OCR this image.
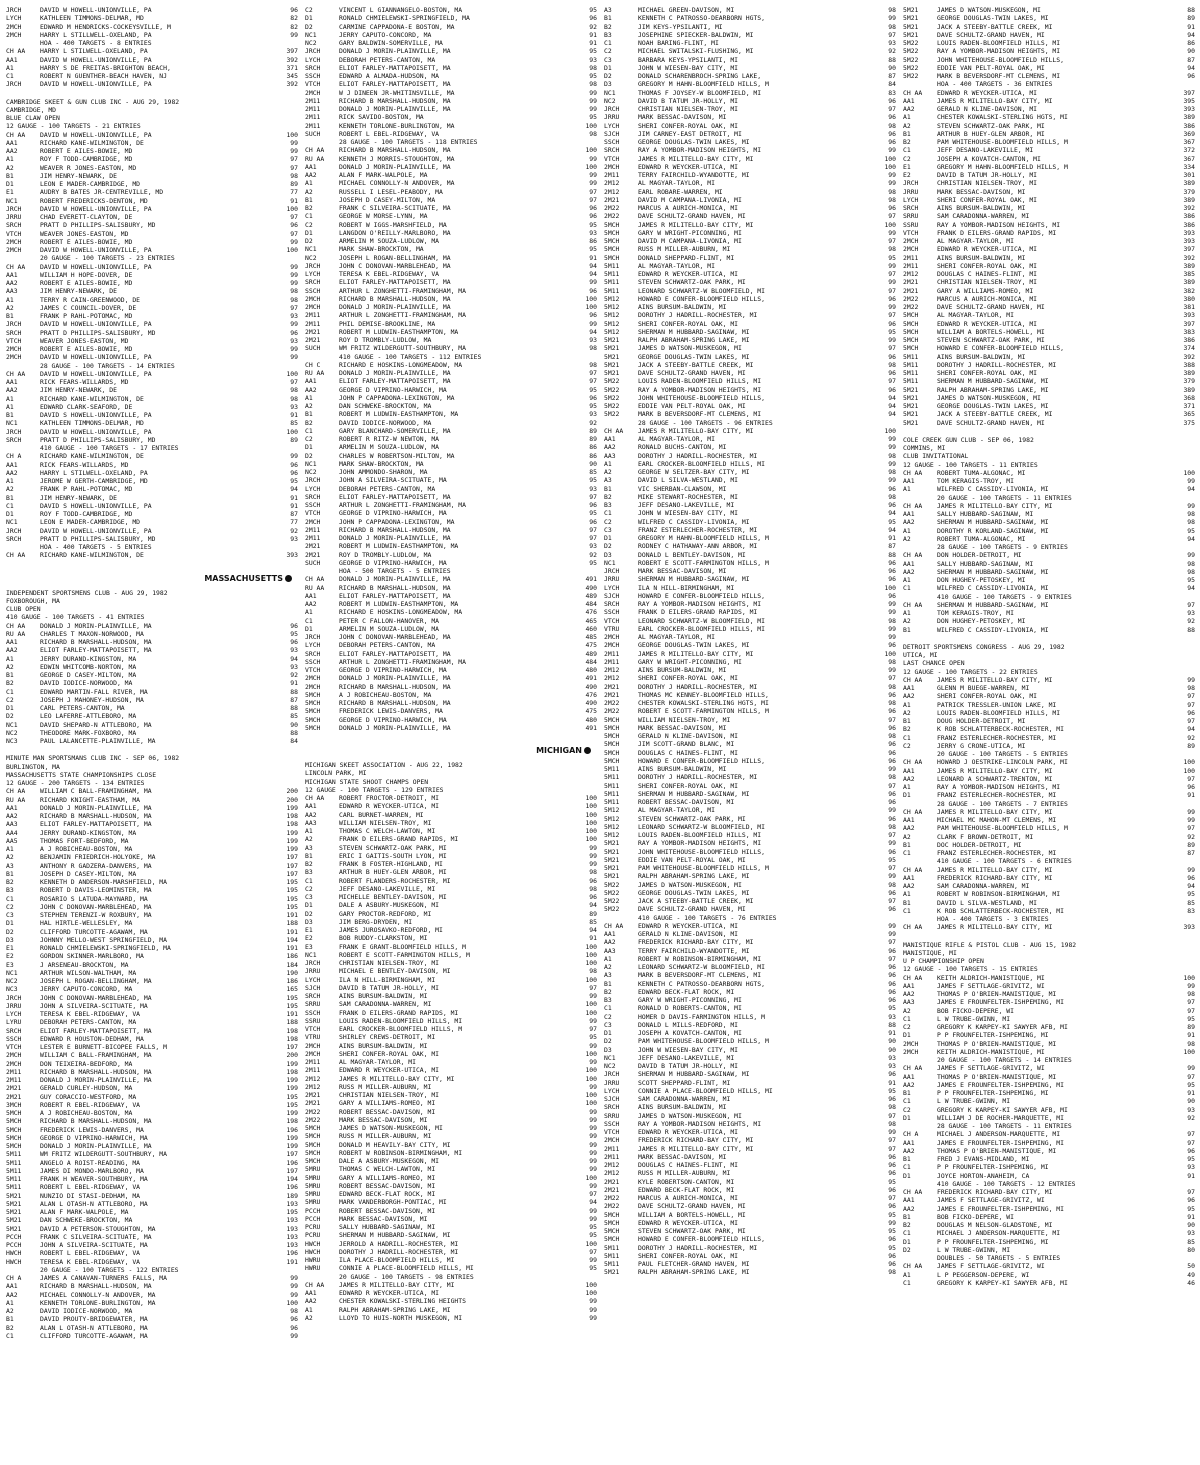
JRCH	DAVID W HOWELL-UNIONVILLE, PA	96
LYCH	KATHLEEN TIMMONS-DELMAR, MD	82
2MCH	EDWARD M HENDRICKS-COCKEYSVILLE, M	82
2MCH	HARRY L STILLWELL-OXELAND, PA	99
HOA - 400 TARGETS - 8 ENTRIES
CH AA	HARRY L STILWELL-OXELAND, PA	397
AA1	DAVID W HOWELL-UNIONVILLE, PA	392
A1	HARRY S DE FREITAS-BRIGHTON BEACH,	371
C1	ROBERT N GUENTHER-BEACH HAVEN, NJ	345
JRCH	DAVID W HOWELL-UNIONVILLE, PA	392
CAMBRIDGE SKEET & GUN CLUB INC - AUG 29, 1982
CAMBRIDGE, MD
BLUE CLAW OPEN
12 GAUGE - 100 TARGETS - 21 ENTRIES
CH AA	DAVID W HOWELL-UNIONVILLE, PA	100
AA1	RICHARD KANE-WILMINGTON, DE	99
AA2	ROBERT E AILES-BOWIE, MD	99
A1	ROY F TODD-CAMBRIDGE, MD	97
A2	WEAVER R JONES-EASTON, MD	97
B1	JIM HENRY-NEWARK, DE	98
D1	LEON E MADER-CAMBRIDGE, MD	89
E1	AUDRY B BATES JR-CENTREVILLE, MD	77
NC1	ROBERT FREDERICKS-DENTON, MD	91
JRCH	DAVID W HOWELL-UNIONVILLE, PA	100
JRRU	CHAD EVERETT-CLAYTON, DE	97
SRCH	PRATT D PHILLIPS-SALISBURY, MD	96
VTCH	WEAVER JONES-EASTON, MD	97
2MCH	ROBERT E AILES-BOWIE, MD	99
2MCH	DAVID W HOWELL-UNIONVILLE, PA	100
20 GAUGE - 100 TARGETS - 23 ENTRIES
CH AA	DAVID W HOWELL-UNIONVILLE, PA	99
AA1	WILLIAM H HOPE-DOVER, DE	99
AA2	ROBERT E AILES-BOWIE, MD	99
AA3	JIM HENRY-NEWARK, DE	98
A1	TERRY R CAIN-GREENWOOD, DE	98
A2	JAMES C COUNCIL-DOVER, DE	97
B1	FRANK P RAHL-POTOMAC, MD	93
JRCH	DAVID W HOWELL-UNIONVILLE, PA	99
SRCH	PRATT D PHILLIPS-SALISBURY, MD	96
VTCH	WEAVER JONES-EASTON, MD	93
2MCH	ROBERT E AILES-BOWIE, MD	99
2MCH	DAVID W HOWELL-UNIONVILLE, PA	99
28 GAUGE - 100 TARGETS - 14 ENTRIES
CH AA	DAVID W HOWELL-UNIONVILLE, PA	100
AA1	RICK FEARS-WILLARDS, MD	97
AA2	JIM HENRY-NEWARK, DE	98
A1	RICHARD KANE-WILMINGTON, DE	98
A1	EDWARD CLARK-SEAFORD, DE	93
B1	DAVID S HOWELL-UNIONVILLE, PA	91
NC1	KATHLEEN TIMMONS-DELMAR, MD	85
JRCH	DAVID W HOWELL-UNIONVILLE, PA	100
SRCH	PRATT D PHILLIPS-SALISBURY, MD	89
410 GAUGE - 100 TARGETS - 17 ENTRIES
CH A	RICHARD KANE-WILMINGTON, DE	99
AA1	RICK FEARS-WILLARDS, MD	96
AA2	HARRY L STILWELL-OXELAND, PA	96
A1	JEROME W GERTH-CAMBRIDGE, MD	95
A2	FRANK P RAHL-POTOMAC, MD	94
B1	JIM HENRY-NEWARK, DE	91
C1	DAVID S HOWELL-UNIONVILLE, PA	91
D1	ROY F TODD-CAMBRIDGE, MD	87
NC1	LEON E MADER-CAMBRIDGE, MD	77
JRCH	DAVID W HOWELL-UNIONVILLE, PA	92
SRCH	PRATT D PHILLIPS-SALISBURY, MD	93
HOA - 400 TARGETS - 5 ENTRIES
CH AA	RICHARD KANE-WILMINGTON, DE	393
MASSACHUSETTS
INDEPENDENT SPORTSMENS CLUB - AUG 29, 1982
FOXBOROUGH, MA
CLUB OPEN
410 GAUGE - 100 TARGETS - 41 ENTRIES
CH AA	DONALD J MORIN-PLAINVILLE, MA	96
RU AA	CHARLES T MAXON-NORWOOD, MA	95
AA1	RICHARD B MARSHALL-HUDSON, MA	96
AA2	ELIOT FARLEY-MATTAPOISETT, MA	93
A1	JERRY DURAND-KINGSTON, MA	94
A2	EDWIN WHITCOMB-NORTON, MA	93
B1	GEORGE D CASEY-MILTON, MA	92
B2	DAVID IODICE-NORWOOD, MA	91
C1	EDWARD MARTIN-FALL RIVER, MA	88
C2	JOSEPH J MAHONEY-HUDSON, MA	87
D1	CARL PETERS-CANTON, MA	88
D2	LEO LAFERRE-ATTLEBORO, MA	85
NC1	DAVID SHEPARD-N ATTLEBORO, MA	90
NC2	THEODORE MARK-FOXBORO, MA	88
NC3	PAUL LALANCETTE-PLAINVILLE, MA	84
MINUTE MAN SPORTSMANS CLUB INC - SEP 06, 1982
BURLINGTON, MA
MASSACHUSETTS STATE CHAMPIONSHIPS CLOSE
12 GAUGE - 200 TARGETS - 134 ENTRIES
CH AA	WILLIAM C BALL-FRAMINGHAM, MA	200
RU AA	RICHARD KNIGHT-EASTHAM, MA	200
AA1	DONALD J MORIN-PLAINVILLE, MA	199
AA2	RICHARD B MARSHALL-HUDSON, MA	198
AA3	ELIOT FARLEY-MATTAPOISETT, MA	198
AA4	JERRY DURAND-KINGSTON, MA	199
AA5	THOMAS FORT-BEDFORD, MA	199
A1	A J ROBICHEAU-BOSTON, MA	199
A2	BENJAMIN FRIEDRICH-HOLYOKE, MA	197
A3	ANTHONY R GADZERA-DANVERS, MA	197
B1	JOSEPH D CASEY-MILTON, MA	197
B2	KENNETH D ANDERSON-MARSHFIELD, MA	195
B3	ROBERT D DAVIS-LEOMINSTER, MA	195
C1	ROSARIO S LATUDA-MAYNARD, MA	195
C2	JOHN C DONOVAN-MARBLEHEAD, MA	195
C3	STEPHEN TERENZI-W ROXBURY, MA	191
D1	HAL HIRTLE-WELLESLEY, MA	188
D2	CLIFFORD TURCOTTE-AGAWAM, MA	191
D3	JOHNNY MELLO-WEST SPRINGFIELD, MA	194
E1	RONALD CHMIELEWSKI-SPRINGFIELD, MA	191
E2	GORDON SKINNER-MARLBORO, MA	186
E3	J ARSENEAU-BROCKTON, MA	184
NC1	ARTHUR WILSON-WALTHAM, MA	190
NC2	JOSEPH L ROGAN-BELLINGHAM, MA	186
NC3	JERRY CAPUTO-CONCORD, MA	165
JRCH	JOHN C DONOVAN-MARBLEHEAD, MA	195
JRRU	JOHN A SILVEIRA-SCITUATE, MA	195
LYCH	TERESA K EBEL-RIDGEWAY, VA	191
LYRU	DEBORAH PETERS-CANTON, MA	188
SRCH	ELIOT FARLEY-MATTAPOISETT, MA	198
SSCH	EDWARD R HOUSTON-DEDHAM, MA	198
VTCH	LESTER E BURNETT-BICOPEE FALLS, M	197
2MCH	WILLIAM C BALL-FRAMINGHAM, MA	200
2MCH	DON TEIXEIRA-BEDFORD, MA	199
2M11	RICHARD B MARSHALL-HUDSON, MA	198
2M11	DONALD J MORIN-PLAINVILLE, MA	199
2M21	GERALD CURLEY-HUDSON, MA	199
2M21	GUY CORACCIO-WESTFORD, MA	195
3MCH	ROBERT R EBEL-RIDGEWAY, VA	195
5MCH	A J ROBICHEAU-BOSTON, MA	199
5MCH	RICHARD B MARSHALL-HUDSON, MA	198
5MCH	FREDERICK LEWIS-DANVERS, MA	196
5MCH	GEORGE D VIPRINO-HARWICH, MA	199
5MCH	DONALD J MORIN-PLAINVILLE, MA	199
5M11	WM FRITZ WILDERGUTT-SOUTHBURY, MA	197
5M11	ANGELO A ROIST-READING, MA	196
5M11	JAMES DI MONDO-MARLBORO, MA	197
5M11	FRANK H WEAVER-SOUTHBURY, MA	194
5M11	ROBERT L EBEL-RIDGEWAY, VA	196
5M21	NUNZIO DI STASI-DEDHAM, MA	189
5M21	ALAN L OTASH-N ATTLEBORO, MA	193
5M21	ALAN F MARK-WALPOLE, MA	195
5M21	DAN SCHWEKE-BROCKTON, MA	193
5M21	DAVID A PETERSON-STOUGHTON, MA	193
PCCH	FRANK C SILVEIRA-SCITUATE, MA	193
PCCH	JOHN A SILVEIRA-SCITUATE, MA	193
HWCH	ROBERT L EBEL-RIDGEWAY, VA	196
HWCH	TERESA K EBEL-RIDGEWAY, VA	191
20 GAUGE - 100 TARGETS - 122 ENTRIES
CH A	JAMES A CANAVAN-TURNERS FALLS, MA	99
AA1	RICHARD B MARSHALL-HUDSON, MA	99
AA2	MICHAEL CONNOLLY-N ANDOVER, MA	99
A1	KENNETH TORLONE-BURLINGTON, MA	100
A2	DAVID IODICE-NORWOOD, MA	98
B1	DAVID PROUTY-BRIDGEWATER, MA	96
B2	ALAN L OTASH-N ATTLEBORO, MA	96
C1	CLIFFORD TURCOTTE-AGAWAM, MA	99
C2	VINCENT L GIANNANGELO-BOSTON, MA	95
D1	RONALD CHMIELEWSKI-SPRINGFIELD, MA	96
D2	CARMINE CAPPADONA-E BOSTON, MA	92
NC1	JERRY CAPUTO-CONCORD, MA	91
NC2	GARY BALDWIN-SOMERVILLE, MA	91
JRCH	DONALD J MORIN-PLAINVILLE, MA	95
LYCH	DEBORAH PETERS-CANTON, MA	93
SRCH	ELIOT FARLEY-MATTAPOISETT, MA	98
SSCH	EDWARD A ALMADA-HUDSON, MA	95
VTCH	ELIOT FARLEY-MATTAPOISETT, MA	98
2MCH	W J DINEEN JR-WHITINSVILLE, MA	99
2M11	RICHARD B MARSHALL-HUDSON, MA	99
2M11	DONALD J MORIN-PLAINVILLE, MA	99
2M11	RICK SAVIDO-BOSTON, MA	95
2M11	KENNETH TORLONE-BURLINGTON, MA	100
SUCH	ROBERT L EBEL-RIDGEWAY, VA	98
28 GAUGE - 100 TARGETS - 118 ENTRIES
CH AA	RICHARD B MARSHALL-HUDSON, MA	100
RU AA	KENNETH J MORRIS-STOUGHTON, MA	99
AA1	DONALD J MORIN-PLAINVILLE, MA	100
AA2	ALAN F MARK-WALPOLE, MA	99
A1	MICHAEL CONNOLLY-N ANDOVER, MA	99
A2	RUSSELL I LESEL-PEABODY, MA	97
B1	JOSEPH D CASEY-MILTON, MA	97
B2	FRANK C SILVEIRA-SCITUATE, MA	96
C1	GEORGE W MORSE-LYNN, MA	96
C2	ROBERT W IGGS-MARSHFIELD, MA	95
D1	LANGDON O'REILLY-MARLBORO, MA	93
D2	ARMELIN M SOUZA-LUDLOW, MA	86
NC1	MARK SHAW-BROCKTON, MA	95
NC2	JOSEPH L ROGAN-BELLINGHAM, MA	91
JRCH	JOHN C DONOVAN-MARBLEHEAD, MA	94
LYCH	TERESA K EBEL-RIDGEWAY, VA	94
SRCH	ELIOT FARLEY-MATTAPOISETT, MA	99
SSCH	ARTHUR L ZONGHETTI-FRAMINGHAM, MA	96
2MCH	RICHARD B MARSHALL-HUDSON, MA	100
2MCH	DONALD J MORIN-PLAINVILLE, MA	100
2M11	ARTHUR L ZONGHETTI-FRAMINGHAM, MA	96
2M11	PHIL DEMISE-BROOKLINE, MA	99
2M21	ROBERT M LUDWIN-EASTHAMPTON, MA	94
2M21	ROY D TROMBLY-LUDLOW, MA	93
SUCH	WM FRITZ WILDERGUTT-SOUTHBURY, MA	98
410 GAUGE - 100 TARGETS - 112 ENTRIES
CH C	RICHARD E HOSKINS-LONGMEADOW, MA	98
RU AA	DONALD J MORIN-PLAINVILLE, MA	97
AA1	ELIOT FARLEY-MATTAPOISETT, MA	97
AA2	GEORGE D VIPRINO-HARWICH, MA	95
A1	JOHN P CAPPADONA-LEXINGTON, MA	96
A2	DAN SCHWEKE-BROCKTON, MA	95
B1	ROBERT M LUDWIN-EASTHAMPTON, MA	93
B2	DAVID IODICE-NORWOOD, MA	92
C1	GARY BLANCHARD-SOMERVILLE, MA	89
C2	ROBERT R RITZ-W NEWTON, MA	89
D1	ARMELIN M SOUZA-LUDLOW, MA	86
D2	CHARLES W ROBERTSON-MILTON, MA	86
NC1	MARK SHAW-BROCKTON, MA	90
NC2	JOHN AMMONDO-SHARON, MA	85
JRCH	JOHN A SILVEIRA-SCITUATE, MA	95
LYCH	DEBORAH PETERS-CANTON, MA	93
SRCH	ELIOT FARLEY-MATTAPOISETT, MA	97
SSCH	ARTHUR L ZONGHETTI-FRAMINGHAM, MA	96
VTCH	GEORGE D VIPRINO-HARWICH, MA	95
2MCH	JOHN P CAPPADONA-LEXINGTON, MA	96
2M11	RICHARD B MARSHALL-HUDSON, MA	97
2M11	DONALD J MORIN-PLAINVILLE, MA	97
2M21	ROBERT M LUDWIN-EASTHAMPTON, MA	93
2M21	ROY D TROMBLY-LUDLOW, MA	92
SUCH	GEORGE D VIPRINO-HARWICH, MA	95
HOA - 500 TARGETS - 5 ENTRIES
CH AA	DONALD J MORIN-PLAINVILLE, MA	491
RU AA	RICHARD B MARSHALL-HUDSON, MA	490
AA1	ELIOT FARLEY-MATTAPOISETT, MA	489
AA2	ROBERT M LUDWIN-EASTHAMPTON, MA	484
A1	RICHARD E HOSKINS-LONGMEADOW, MA	476
C1	PETER C FALLON-HANOVER, MA	465
D1	ARMELIN M SOUZA-LUDLOW, MA	460
JRCH	JOHN C DONOVAN-MARBLEHEAD, MA	485
LYCH	DEBORAH PETERS-CANTON, MA	475
SRCH	ELIOT FARLEY-MATTAPOISETT, MA	489
SSCH	ARTHUR L ZONGHETTI-FRAMINGHAM, MA	484
VTCH	GEORGE D VIPRINO-HARWICH, MA	480
2MCH	DONALD J MORIN-PLAINVILLE, MA	491
2MCH	RICHARD B MARSHALL-HUDSON, MA	490
5MCH	A J ROBICHEAU-BOSTON, MA	476
5MCH	RICHARD B MARSHALL-HUDSON, MA	490
5MCH	FREDERICK LEWIS-DANVERS, MA	475
5MCH	GEORGE D VIPRINO-HARWICH, MA	480
5MCH	DONALD J MORIN-PLAINVILLE, MA	491
MICHIGAN
MICHIGAN SKEET ASSOCIATION - AUG 22, 1982
LINCOLN PARK, MI
MICHIGAN STATE SHOOT CHAMPS OPEN
12 GAUGE - 100 TARGETS - 129 ENTRIES
CH AA	ROBERT FROCTOR-DETROIT, MI	100
AA1	EDWARD R WEYCKER-UTICA, MI	100
AA2	CARL BURNET-WARREN, MI	100
AA3	WILLIAM NIELSEN-TROY, MI	100
A1	THOMAS C WELCH-LAWTON, MI	100
A2	FRANK D EILERS-GRAND RAPIDS, MI	100
A3	STEVEN SCHWARTZ-OAK PARK, MI	99
B1	ERIC I GAITIS-SOUTH LYON, MI	99
B2	FRANK B FOSTER-HIGHLAND, MI	99
B3	ARTHUR B HUEY-GLEN ARBOR, MI	98
C1	ROBERT FLANDERS-ROCHESTER, MI	96
C2	JEFF DESANO-LAKEVILLE, MI	98
C3	MICHELLE BENTLEY-DAVISON, MI	96
D1	DALE A ASBURY-MUSKEGON, MI	94
D2	GARY PROCTOR-REDFORD, MI	89
D3	JIM BERG-DRYDEN, MI	85
E1	JAMES JUROSAVKO-REDFORD, MI	94
E2	BOB RUDDY-CLARKSTON, MI	91
E3	FRANK E GRANT-BLOOMFIELD HILLS, M	100
NC1	ROBERT E SCOTT-FARMINGTON HILLS, M	100
JRCH	CHRISTIAN NIELSEN-TROY, MI	100
JRRU	MICHAEL E BENTLEY-DAVISON, MI	98
LYCH	ILA N HILL-BIRMINGHAM, MI	100
SJCH	DAVID B TATUM JR-HOLLY, MI	97
SRCH	AINS BURSUM-BALDWIN, MI	99
SRRU	SAM CARADONNA-WARREN, MI	100
SSCH	FRANK D EILERS-GRAND RAPIDS, MI	100
SSRU	LOUIS RADEN-BLOOMFIELD HILLS, MI	99
VTCH	EARL CROCKER-BLOOMFIELD HILLS, M	97
VTRU	SHIRLEY CREWS-DETROIT, MI	95
2MCH	AINS BURSUM-BALDWIN, MI	99
2MCH	SHERI CONFER-ROYAL OAK, MI	100
2M11	AL MAGYAR-TAYLOR, MI	99
2M11	EDWARD R WEYCKER-UTICA, MI	100
2M12	JAMES R MILITELLO-BAY CITY, MI	100
2M12	RUSS M MILLER-AUBURN, MI	99
2M21	CHRISTIAN NIELSEN-TROY, MI	100
2M21	GARY A WILLIAMS-ROMEO, MI	100
2M22	ROBERT BESSAC-DAVISON, MI	99
2M22	MARK BESSAC-DAVISON, MI	99
5MCH	JAMES D WATSON-MUSKEGON, MI	99
5MCH	RUSS M MILLER-AUBURN, MI	99
5MCH	DONALD M HEAVILY-BAY CITY, MI	99
5MCH	ROBERT W ROBINSON-BIRMINGHAM, MI	99
5MCH	DALE A ASBURY-MUSKEGON, MI	99
5MRU	THOMAS C WELCH-LAWTON, MI	99
5MRU	GARY A WILLIAMS-ROMEO, MI	100
5MRU	ROBERT BESSAC-DAVISON, MI	99
5MRU	EDWARD BECK-FLAT ROCK, MI	97
5MRU	MARK VANDERBORGH-PONTIAC, MI	94
PCCH	ROBERT BESSAC-DAVISON, MI	99
PCCH	MARK BESSAC-DAVISON, MI	99
PCRU	SALLY HUBBARD-SAGINAW, MI	95
PCRU	SHERMAN M HUBBARD-SAGINAW, MI	95
HWCH	JERROLD A HADRILL-ROCHESTER, MI	100
HWCH	DOROTHY J HADRILL-ROCHESTER, MI	97
HWRU	ILA PLACE-BLOOMFIELD HILLS, MI	99
HWRU	CONNIE A PLACE-BLOOMFIELD HILLS, MI	95
20 GAUGE - 100 TARGETS - 98 ENTRIES
CH AA	JAMES R MILITELLO-BAY CITY, MI	100
AA1	EDWARD R WEYCKER-UTICA, MI	100
AA2	CHESTER KOWALSKI-STERLING HEIGHTS	99
A1	RALPH ABRAHAM-SPRING LAKE, MI	99
A2	LLOYD TO HUIS-NORTH MUSKEGON, MI	99
A3	MICHAEL GREEN-DAVISON, MI	98
B1	KENNETH C PATROSSO-DEARBORN HGTS,	99
B2	JIM KEYS-YPSILANTI, MI	98
B3	JOSEPHINE SPIECKER-BALDWIN, MI	97
C1	NOAH BARING-FLINT, MI	93
C2	MICHAEL SWITALSKI-FLUSHING, MI	92
C3	BARBARA KEYS-YPSILANTI, MI	88
D1	JOHN W WIESEN-BAY CITY, MI	90
D2	DONALD SCHARENBROCH-SPRING LAKE,	87
D3	GREGORY M HAHN-BLOOMFIELD HILLS, M	84
NC1	THOMAS F JOYSEY-W BLOOMFIELD, MI	83
NC2	DAVID B TATUM JR-HOLLY, MI	96
JRCH	CHRISTIAN NIELSEN-TROY, MI	97
JRRU	MARK BESSAC-DAVISON, MI	96
LYCH	SHERI CONFER-ROYAL OAK, MI	98
SJCH	JIM CARNEY-EAST DETROIT, MI	96
SSCH	GEORGE DOUGLAS-TWIN LAKES, MI	96
SRCH	RAY A YOMBOR-MADISON HEIGHTS, MI	99
VTCH	JAMES R MILITELLO-BAY CITY, MI	100
2MCH	EDWARD R WEYCKER-UTICA, MI	100
2M11	TERRY FAIRCHILD-WYANDOTTE, MI	99
2M12	AL MAGYAR-TAYLOR, MI	99
2M12	EARL ROBARE-WARREN, MI	98
2M21	DAVID M CAMPANA-LIVONIA, MI	98
2M22	MARCUS A AURICH-MONICA, MI	96
2M22	DAVE SCHULTZ-GRAND HAVEN, MI	97
5MCH	JAMES R MILITELLO-BAY CITY, MI	100
5MCH	GARY W WRIGHT-PICONNING, MI	99
5MCH	DAVID M CAMPANA-LIVONIA, MI	97
5MCH	RUSS M MILLER-AUBURN, MI	98
5MCH	DONALD SHEPPARD-FLINT, MI	95
5M11	AL MAGYAR-TAYLOR, MI	99
5M11	EDWARD R WEYCKER-UTICA, MI	97
5M11	STEVEN SCHWARTZ-OAK PARK, MI	99
5M11	LEONARD SCHWARTZ-W BLOOMFIELD, MI	97
5M12	HOWARD E CONFER-BLOOMFIELD HILLS,	96
5M12	AINS BURSUM-BALDWIN, MI	99
5M12	DOROTHY J HADRILL-ROCHESTER, MI	97
5M12	SHERI CONFER-ROYAL OAK, MI	96
5M12	SHERMAN M HUBBARD-SAGINAW, MI	95
5M21	RALPH ABRAHAM-SPRING LAKE, MI	99
5M21	JAMES D WATSON-MUSKEGON, MI	97
5M21	GEORGE DOUGLAS-TWIN LAKES, MI	96
5M21	JACK A STEEBY-BATTLE CREEK, MI	98
5M21	DAVE SCHULTZ-GRAND HAVEN, MI	96
5M22	LOUIS RADEN-BLOOMFIELD HILLS, MI	97
5M22	RAY A YOMBOR-MADISON HEIGHTS, MI	96
5M22	JOHN WHITEHOUSE-BLOOMFIELD HILLS,	94
5M22	EDDIE VAN PELT-ROYAL OAK, MI	94
5M22	MARK B BEVERSDORF-MT CLEMENS, MI	94
28 GAUGE - 100 TARGETS - 96 ENTRIES
CH AA	JAMES R MILITELLO-BAY CITY, MI	100
AA1	AL MAGYAR-TAYLOR, MI	99
AA2	RONALD BUCHS-CANTON, MI	99
AA3	DOROTHY J HADRILL-ROCHESTER, MI	98
A1	EARL CROCKER-BLOOMFIELD HILLS, MI	99
A2	GEORGE W SELTZER-BAY CITY, MI	98
A3	DAVID L SILVA-WESTLAND, MI	99
B1	VIC SHERBAN-CLAWSON, MI	96
B2	MIKE STEWART-ROCHESTER, MI	98
B3	JEFF DESANO-LAKEVILLE, MI	96
C1	JOHN W WIESEN-BAY CITY, MI	94
C2	WILFRED C CASSIDY-LIVONIA, MI	95
C3	FRANZ ESTERLECHER-ROCHESTER, MI	94
D1	GREGORY M HAHN-BLOOMFIELD HILLS, M	91
D2	RODNEY C HATHAWAY-ANN ARBOR, MI	87
D3	DONALD L BENTLEY-DAVISON, MI	88
NC1	ROBERT E SCOTT-FARMINGTON HILLS, M	96
JRCH	MARK BESSAC-DAVISON, MI	96
JRRU	SHERMAN M HUBBARD-SAGINAW, MI	96
LYCH	ILA N HILL-BIRMINGHAM, MI	100
SJCH	HOWARD E CONFER-BLOOMFIELD HILLS,	96
SRCH	RAY A YOMBOR-MADISON HEIGHTS, MI	99
SSCH	FRANK D EILERS-GRAND RAPIDS, MI	99
VTCH	LEONARD SCHWARTZ-W BLOOMFIELD, MI	98
VTRU	EARL CROCKER-BLOOMFIELD HILLS, MI	99
2MCH	AL MAGYAR-TAYLOR, MI	99
2MCH	GEORGE DOUGLAS-TWIN LAKES, MI	96
2M11	JAMES R MILITELLO-BAY CITY, MI	100
2M11	GARY W WRIGHT-PICONNING, MI	98
2M12	AINS BURSUM-BALDWIN, MI	99
2M12	SHERI CONFER-ROYAL OAK, MI	97
2M21	DOROTHY J HADRILL-ROCHESTER, MI	98
2M21	THOMAS MC KENNEY-BLOOMFIELD HILLS,	96
2M22	CHESTER KOWALSKI-STERLING HGTS, MI	98
2M22	ROBERT E SCOTT-FARMINGTON HILLS, M	96
5MCH	WILLIAM NIELSEN-TROY, MI	97
5MCH	MARK BESSAC-DAVISON, MI	96
5MCH	GERALD N KLINE-DAVISON, MI	98
5MCH	JIM SCOTT-GRAND BLANC, MI	96
5MCH	DOUGLAS C HAINES-FLINT, MI	96
5MCH	HOWARD E CONFER-BLOOMFIELD HILLS,	96
5M11	AINS BURSUM-BALDWIN, MI	99
5M11	DOROTHY J HADRILL-ROCHESTER, MI	98
5M11	SHERI CONFER-ROYAL OAK, MI	97
5M11	SHERMAN M HUBBARD-SAGINAW, MI	96
5M11	ROBERT BESSAC-DAVISON, MI	96
5M12	AL MAGYAR-TAYLOR, MI	99
5M12	STEVEN SCHWARTZ-OAK PARK, MI	96
5M12	LEONARD SCHWARTZ-W BLOOMFIELD, MI	98
5M12	LOUIS RADEN-BLOOMFIELD HILLS, MI	97
5M21	RAY A YOMBOR-MADISON HEIGHTS, MI	99
5M21	JOHN WHITEHOUSE-BLOOMFIELD HILLS,	96
5M21	EDDIE VAN PELT-ROYAL OAK, MI	95
5M21	PAM WHITEHOUSE-BLOOMFIELD HILLS, M	97
5M21	RALPH ABRAHAM-SPRING LAKE, MI	99
5M22	JAMES D WATSON-MUSKEGON, MI	98
5M22	GEORGE DOUGLAS-TWIN LAKES, MI	96
5M22	JACK A STEEBY-BATTLE CREEK, MI	97
5M22	DAVE SCHULTZ-GRAND HAVEN, MI	96
410 GAUGE - 100 TARGETS - 76 ENTRIES
CH AA	EDWARD R WEYCKER-UTICA, MI	99
AA1	GERALD N KLINE-DAVISON, MI	99
AA2	FREDERICK RICHARD-BAY CITY, MI	97
AA3	TERRY FAIRCHILD-WYANDOTTE, MI	96
A1	ROBERT W ROBINSON-BIRMINGHAM, MI	97
A2	LEONARD SCHWARTZ-W BLOOMFIELD, MI	96
A3	MARK B BEVERSDORF-MT CLEMENS, MI	96
B1	KENNETH C PATROSSO-DEARBORN HGTS,	96
B2	EDWARD BECK-FLAT ROCK, MI	96
B3	GARY W WRIGHT-PICONNING, MI	96
C1	RONALD D ROBERTS-CANTON, MI	95
C2	HOMER D DAVIS-FARMINGTON HILLS, M	93
C3	DONALD L MILLS-REDFORD, MI	88
D1	JOSEPH A KOVATCH-CANTON, MI	91
D2	PAM WHITEHOUSE-BLOOMFIELD HILLS, M	90
D3	JOHN W WIESEN-BAY CITY, MI	90
NC1	JEFF DESANO-LAKEVILLE, MI	93
NC2	DAVID B TATUM JR-HOLLY, MI	93
JRCH	SHERMAN M HUBBARD-SAGINAW, MI	96
JRRU	SCOTT SHEPPARD-FLINT, MI	91
LYCH	CONNIE A PLACE-BLOOMFIELD HILLS, MI	95
SJCH	SAM CARADONNA-WARREN, MI	96
SRCH	AINS BURSUM-BALDWIN, MI	98
SRRU	JAMES D WATSON-MUSKEGON, MI	97
SSCH	RAY A YOMBOR-MADISON HEIGHTS, MI	98
VTCH	EDWARD R WEYCKER-UTICA, MI	99
2MCH	FREDERICK RICHARD-BAY CITY, MI	97
2M11	JAMES R MILITELLO-BAY CITY, MI	97
2M11	MARK BESSAC-DAVISON, MI	96
2M12	DOUGLAS C HAINES-FLINT, MI	96
2M12	RUSS M MILLER-AUBURN, MI	96
2M21	KYLE ROBERTSON-CANTON, MI	95
2M21	EDWARD BECK-FLAT ROCK, MI	96
2M22	MARCUS A AURICH-MONICA, MI	97
2M22	DAVE SCHULTZ-GRAND HAVEN, MI	96
5MCH	WILLIAM A BORTELS-HOWELL, MI	95
5MCH	EDWARD R WEYCKER-UTICA, MI	99
5MCH	STEVEN SCHWARTZ-OAK PARK, MI	95
5MCH	HOWARD E CONFER-BLOOMFIELD HILLS,	96
5M11	DOROTHY J HADRILL-ROCHESTER, MI	95
5M11	SHERI CONFER-ROYAL OAK, MI	96
5M11	PAUL FLETCHER-GRAND HAVEN, MI	96
5M21	RALPH ABRAHAM-SPRING LAKE, MI	98
5M21	JAMES D WATSON-MUSKEGON, MI	88
5M21	GEORGE DOUGLAS-TWIN LAKES, MI	89
5M21	JACK A STEEBY-BATTLE CREEK, MI	91
5M21	DAVE SCHULTZ-GRAND HAVEN, MI	94
5M22	LOUIS RADEN-BLOOMFIELD HILLS, MI	86
5M22	RAY A YOMBOR-MADISON HEIGHTS, MI	90
5M22	JOHN WHITEHOUSE-BLOOMFIELD HILLS,	87
5M22	EDDIE VAN PELT-ROYAL OAK, MI	94
5M22	MARK B BEVERSDORF-MT CLEMENS, MI	96
HOA - 400 TARGETS - 36 ENTRIES
CH AA	EDWARD R WEYCKER-UTICA, MI	397
AA1	JAMES R MILITELLO-BAY CITY, MI	395
AA2	GERALD N KLINE-DAVISON, MI	393
A1	CHESTER KOWALSKI-STERLING HGTS, MI	389
A2	STEVEN SCHWARTZ-OAK PARK, MI	386
B1	ARTHUR B HUEY-GLEN ARBOR, MI	369
B2	PAM WHITEHOUSE-BLOOMFIELD HILLS, M	367
C1	JEFF DESANO-LAKEVILLE, MI	372
C2	JOSEPH A KOVATCH-CANTON, MI	367
E1	GREGORY M HAHN-BLOOMFIELD HILLS, M	334
E2	DAVID B TATUM JR-HOLLY, MI	301
JRCH	CHRISTIAN NIELSEN-TROY, MI	389
JRRU	MARK BESSAC-DAVISON, MI	379
LYCH	SHERI CONFER-ROYAL OAK, MI	389
SRCH	AINS BURSUM-BALDWIN, MI	392
SRRU	SAM CARADONNA-WARREN, MI	386
SSRU	RAY A YOMBOR-MADISON HEIGHTS, MI	386
VTCH	FRANK D EILERS-GRAND RAPIDS, MI	393
2MCH	AL MAGYAR-TAYLOR, MI	393
2MCH	EDWARD R WEYCKER-UTICA, MI	397
2M11	AINS BURSUM-BALDWIN, MI	392
2M11	SHERI CONFER-ROYAL OAK, MI	389
2M12	DOUGLAS C HAINES-FLINT, MI	385
2M21	CHRISTIAN NIELSEN-TROY, MI	389
2M21	GARY A WILLIAMS-ROMEO, MI	382
2M22	MARCUS A AURICH-MONICA, MI	380
2M22	DAVE SCHULTZ-GRAND HAVEN, MI	381
5MCH	AL MAGYAR-TAYLOR, MI	393
5MCH	EDWARD R WEYCKER-UTICA, MI	397
5MCH	WILLIAM A BORTELS-HOWELL, MI	383
5MCH	STEVEN SCHWARTZ-OAK PARK, MI	386
5MCH	HOWARD E CONFER-BLOOMFIELD HILLS,	374
5M11	AINS BURSUM-BALDWIN, MI	392
5M11	DOROTHY J HADRILL-ROCHESTER, MI	388
5M11	SHERI CONFER-ROYAL OAK, MI	389
5M11	SHERMAN M HUBBARD-SAGINAW, MI	379
5M21	RALPH ABRAHAM-SPRING LAKE, MI	389
5M21	JAMES D WATSON-MUSKEGON, MI	368
5M21	GEORGE DOUGLAS-TWIN LAKES, MI	371
5M21	JACK A STEEBY-BATTLE CREEK, MI	365
5M21	DAVE SCHULTZ-GRAND HAVEN, MI	375
COLE CREEK GUN CLUB - SEP 06, 1982
COMMINS, MI
CLUB INVITATIONAL
12 GAUGE - 100 TARGETS - 11 ENTRIES
CH AA	ROBERT TUMA-ALGONAC, MI	100
AA1	TOM KERAGIS-TROY, MI	99
A1	WILFRED C CASSIDY-LIVONIA, MI	94
20 GAUGE - 100 TARGETS - 11 ENTRIES
CH AA	JAMES R MILITELLO-BAY CITY, MI	99
AA1	SALLY HUBBARD-SAGINAW, MI	98
AA2	SHERMAN M HUBBARD-SAGINAW, MI	98
A1	DOROTHY R KORLAND-SAGINAW, MI	95
A2	ROBERT TUMA-ALGONAC, MI	94
28 GAUGE - 100 TARGETS - 9 ENTRIES
CH AA	DON HOLDER-DETROIT, MI	99
AA1	SALLY HUBBARD-SAGINAW, MI	98
AA2	SHERMAN M HUBBARD-SAGINAW, MI	98
A1	DON HUGHEY-PETOSKEY, MI	95
C1	WILFRED C CASSIDY-LIVONIA, MI	94
410 GAUGE - 100 TARGETS - 9 ENTRIES
CH AA	SHERMAN M HUBBARD-SAGINAW, MI	97
A1	TOM KERAGIS-TROY, MI	93
A2	DON HUGHEY-PETOSKEY, MI	92
B1	WILFRED C CASSIDY-LIVONIA, MI	88
DETROIT SPORTSMENS CONGRESS - AUG 29, 1982
UTICA, MI
LAST CHANCE OPEN
12 GAUGE - 100 TARGETS - 22 ENTRIES
CH AA	JAMES R MILITELLO-BAY CITY, MI	99
AA1	GLENN M BUEGE-WARREN, MI	98
AA2	SHERI CONFER-ROYAL OAK, MI	97
A1	PATRICK TRESSLER-UNION LAKE, MI	97
A2	LOUIS RADEN-BLOOMFIELD HILLS, MI	96
B1	DOUG HOLDER-DETROIT, MI	97
B2	K ROB SCHLATTERBECK-ROCHESTER, MI	94
C1	FRANZ ESTERLECHER-ROCHESTER, MI	92
C2	JERRY G CRONE-UTICA, MI	89
20 GAUGE - 100 TARGETS - 5 ENTRIES
CH AA	HOWARD J OESTRIKE-LINCOLN PARK, MI	100
AA1	JAMES R MILITELLO-BAY CITY, MI	100
AA2	LEONARD A SCHWARTZ-TRENTON, MI	97
A1	RAY A YOMBOR-MADISON HEIGHTS, MI	96
D1	FRANZ ESTERLECHER-ROCHESTER, MI	91
28 GAUGE - 100 TARGETS - 7 ENTRIES
CH AA	JAMES R MILITELLO-BAY CITY, MI	99
AA1	MICHAEL MC MAHON-MT CLEMENS, MI	99
AA2	PAM WHITEHOUSE-BLOOMFIELD HILLS, M	97
A2	CLARK F BROWN-DETROIT, MI	92
B1	DOC HOLDER-DETROIT, MI	89
C1	FRANZ ESTERLECHER-ROCHESTER, MI	87
410 GAUGE - 100 TARGETS - 6 ENTRIES
CH AA	JAMES R MILITELLO-BAY CITY, MI	99
AA1	FREDERICK RICHARD-BAY CITY, MI	96
AA2	SAM CARADONNA-WARREN, MI	94
A1	ROBERT W ROBINSON-BIRMINGHAM, MI	95
B1	DAVID L SILVA-WESTLAND, MI	85
C1	K ROB SCHLATTERBECK-ROCHESTER, MI	83
HOA - 400 TARGETS - 3 ENTRIES
CH AA	JAMES R MILITELLO-BAY CITY, MI	393
MANISTIQUE RIFLE & PISTOL CLUB - AUG 15, 1982
MANISTIQUE, MI
U P CHAMPIONSHIP OPEN
12 GAUGE - 100 TARGETS - 15 ENTRIES
CH AA	KEITH ALDRICH-MANISTIQUE, MI	100
AA1	JAMES F SETTLAGE-GRIVITZ, WI	99
AA2	THOMAS P O'BRIEN-MANISTIQUE, MI	98
AA3	JAMES E FROUNFELTER-ISHPEMING, MI	97
A2	BOB FICKO-DEPERE, WI	97
C1	L W TRUBE-GWINN, MI	95
C2	GREGORY K KARPEY-KI SAWYER AFB, MI	89
D1	P P FROUNFELTER-ISHPEMING, MI	91
2MCH	THOMAS P O'BRIEN-MANISTIQUE, MI	98
2MCH	KEITH ALDRICH-MANISTIQUE, MI	100
20 GAUGE - 100 TARGETS - 14 ENTRIES
CH AA	JAMES F SETTLAGE-GRIVITZ, WI	99
AA1	THOMAS P O'BRIEN-MANISTIQUE, MI	97
AA2	JAMES E FROUNFELTER-ISHPEMING, MI	95
B1	P P FROUNFELTER-ISHPEMING, MI	91
C1	L W TRUBE-GWINN, MI	90
C2	GREGORY K KARPEY-KI SAWYER AFB, MI	93
D1	WILLIAM J DE ROCHER-MARQUETTE, MI	92
28 GAUGE - 100 TARGETS - 11 ENTRIES
CH A	MICHAEL J ANDERSON-MARQUETTE, MI	97
AA1	JAMES E FROUNFELTER-ISHPEMING, MI	97
AA2	THOMAS P O'BRIEN-MANISTIQUE, MI	96
B1	FRED J EVANS-MIDLAND, MI	95
C1	P P FROUNFELTER-ISHPEMING, MI	93
D1	JOYCE HORTON-ANAHEIM, CA	91
410 GAUGE - 100 TARGETS - 12 ENTRIES
CH AA	FREDERICK RICHARD-BAY CITY, MI	97
AA1	JAMES F SETTLAGE-GRIVITZ, WI	96
AA2	JAMES E FROUNFELTER-ISHPEMING, MI	95
B1	BOB FICKO-DEPERE, WI	91
B2	DOUGLAS M NELSON-GLADSTONE, MI	90
C1	MICHAEL J ANDERSON-MARQUETTE, MI	93
D1	P P FROUNFELTER-ISHPEMING, MI	85
D2	L W TRUBE-GWINN, MI	80
DOUBLES - 50 TARGETS - 5 ENTRIES
CH AA	JAMES F SETTLAGE-GRIVITZ, WI	50
A1	L P PEGGERSON-DEPERE, WI	49
C1	GREGORY K KARPEY-KI SAWYER AFB, MI	46
